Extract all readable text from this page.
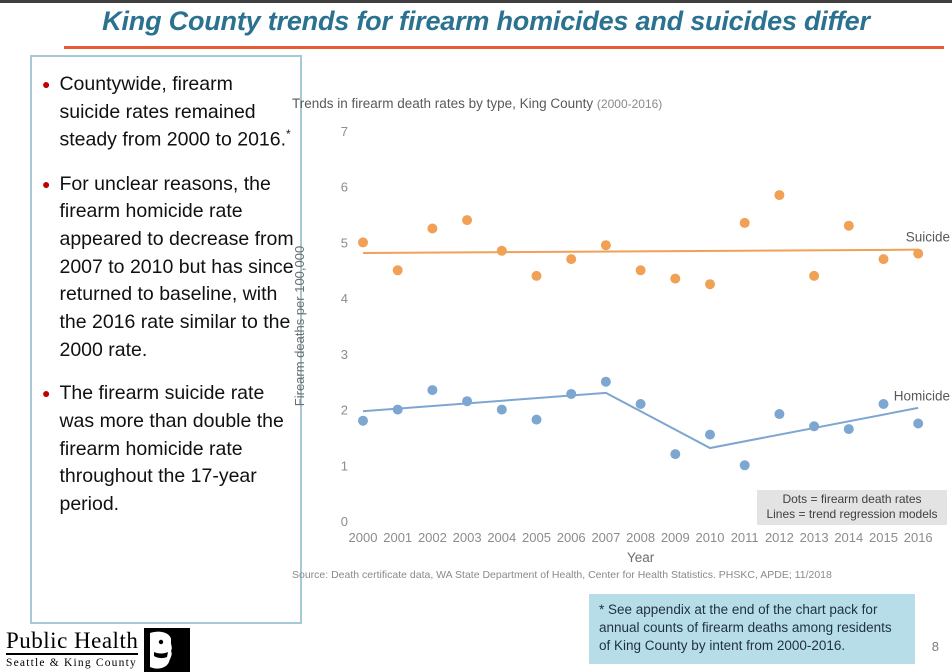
King County trends for firearm homicides and suicides differ
● Countywide, firearm suicide rates remained steady from 2000 to 2016.*
● For unclear reasons, the firearm homicide rate appeared to decrease from 2007 to 2010 but has since returned to baseline, with the 2016 rate similar to the 2000 rate.
● The firearm suicide rate was more than double the firearm homicide rate throughout the 17-year period.
Trends in firearm death rates by type, King County (2000-2016)
0
1
2
3
4
5
6
7
Firearm deaths per 100,000
2000 2001 2002 2003 2004 2005 2006 2007 2008 2009 2010 2011 2012 2013 2014 2015 2016
Year
Suicide
Homicide
Dots = firearm death rates
Lines = trend regression models
Source: Death certificate data, WA State Department of Health, Center for Health Statistics. PHSKC, APDE; 11/2018
* See appendix at the end of the chart pack for annual counts of firearm deaths among residents of King County by intent from 2000-2016.	8
Public Health
Seattle & King County
